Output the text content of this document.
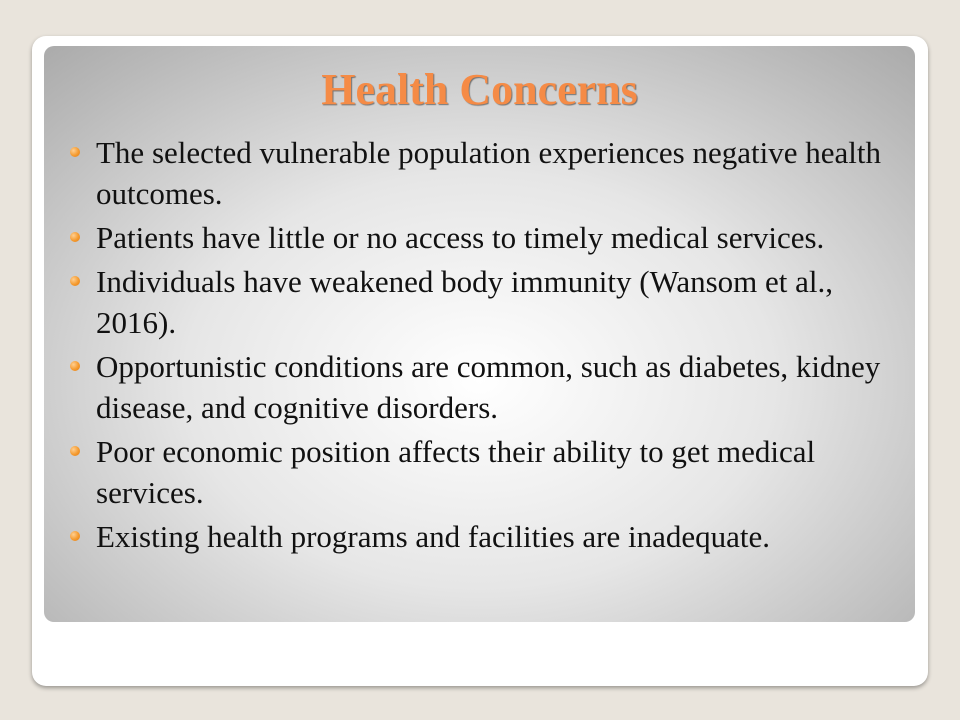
Health Concerns
The selected vulnerable population experiences negative health outcomes.
Patients have little or no access to timely medical services.
Individuals have weakened body immunity (Wansom et al., 2016).
Opportunistic conditions are common, such as diabetes, kidney disease, and cognitive disorders.
Poor economic position affects their ability to get medical services.
Existing health programs and facilities are inadequate.
